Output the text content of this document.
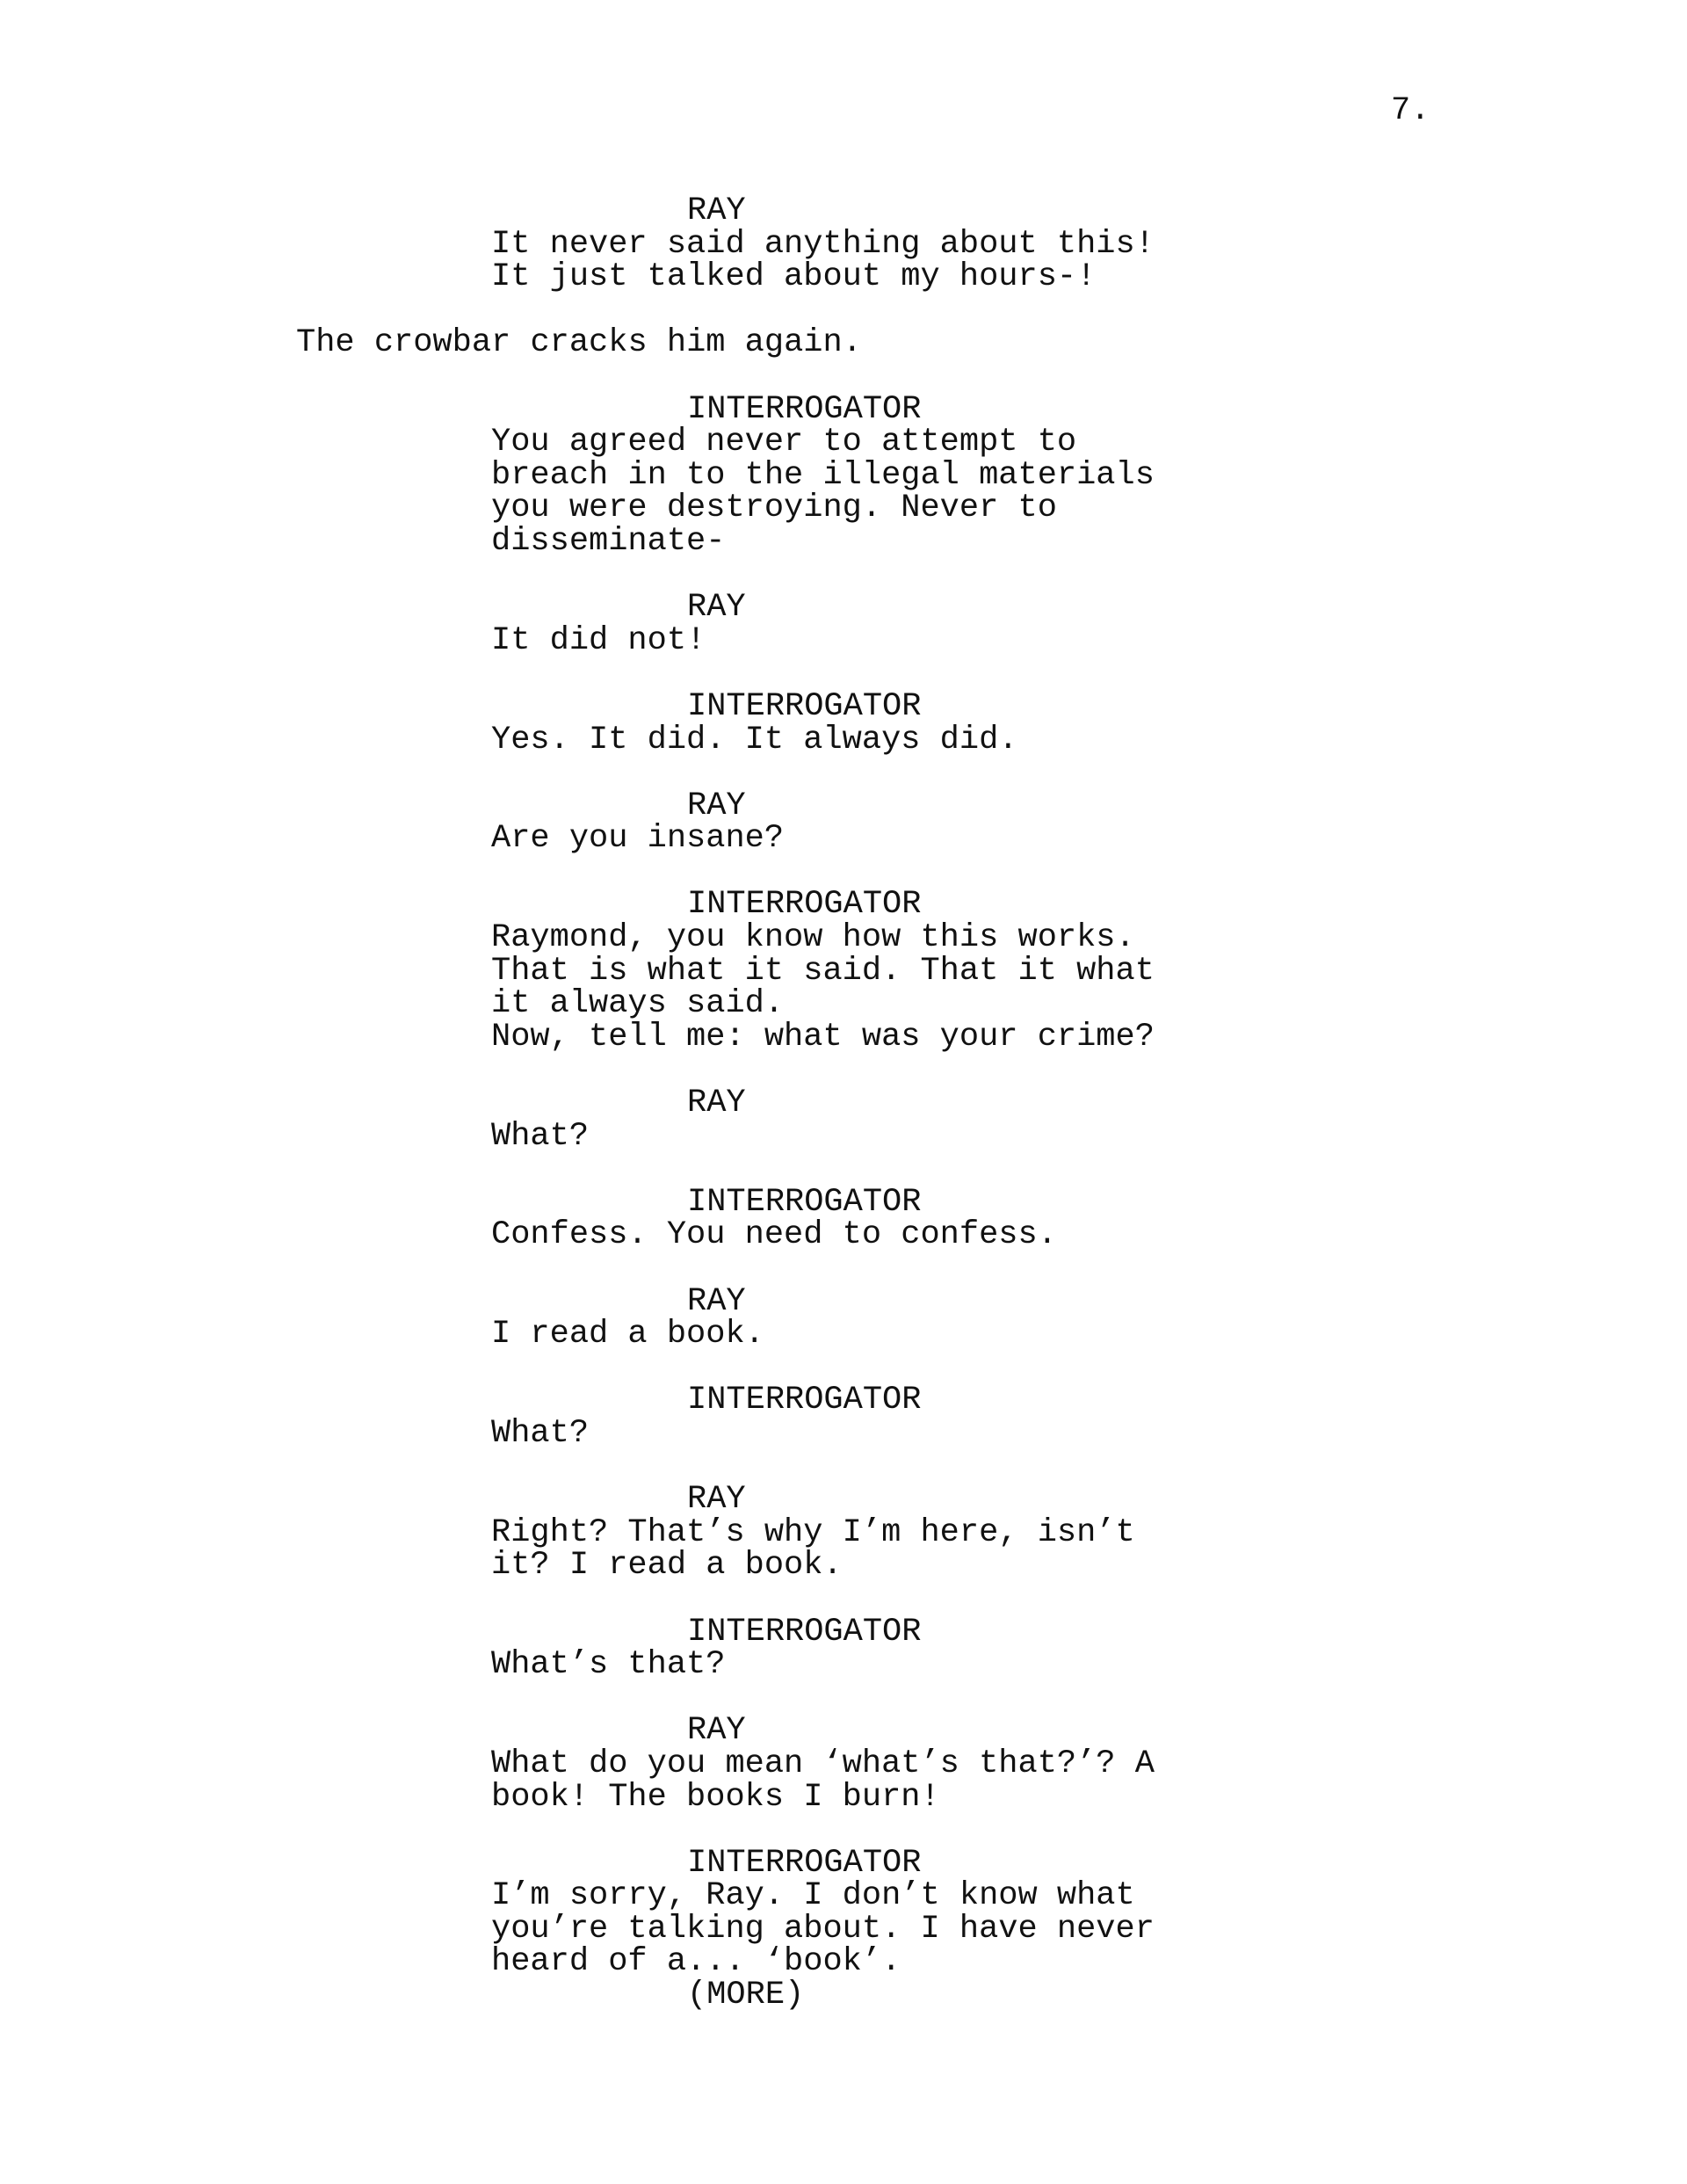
7.
RAY
It never said anything about this!
It just talked about my hours-!
The crowbar cracks him again.
INTERROGATOR
You agreed never to attempt to
breach in to the illegal materials
you were destroying. Never to
disseminate-
RAY
It did not!
INTERROGATOR
Yes. It did. It always did.
RAY
Are you insane?
INTERROGATOR
Raymond, you know how this works.
That is what it said. That it what
it always said.
Now, tell me: what was your crime?
RAY
What?
INTERROGATOR
Confess. You need to confess.
RAY
I read a book.
INTERROGATOR
What?
RAY
Right? That’s why I’m here, isn’t
it? I read a book.
INTERROGATOR
What’s that?
RAY
What do you mean ‘what’s that?’? A
book! The books I burn!
INTERROGATOR
I’m sorry, Ray. I don’t know what
you’re talking about. I have never
heard of a... ‘book’.
(MORE)
